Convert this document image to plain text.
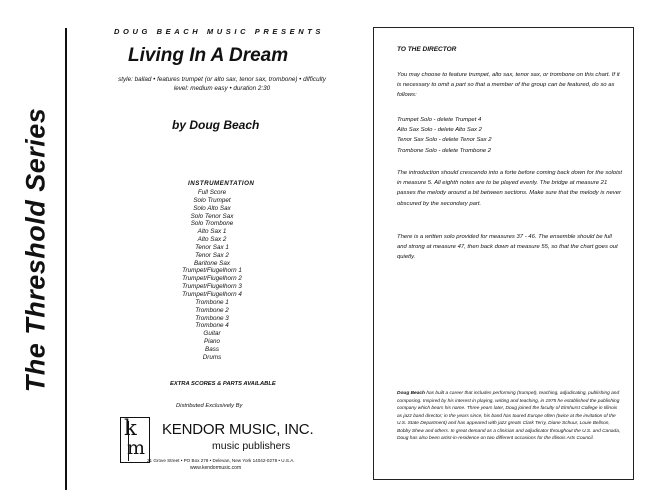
The Threshold Series
DOUG BEACH MUSIC PRESENTS
Living In A Dream
style: ballad • features trumpet (or alto sax, tenor sax, trombone) • difficulty level: medium easy • duration 2:30
by Doug Beach
INSTRUMENTATION
Full Score
Solo Trumpet
Solo Alto Sax
Solo Tenor Sax
Solo Trombone
Alto Sax 1
Alto Sax 2
Tenor Sax 1
Tenor Sax 2
Baritone Sax
Trumpet/Flugelhorn 1
Trumpet/Flugelhorn 2
Trumpet/Flugelhorn 3
Trumpet/Flugelhorn 4
Trombone 1
Trombone 2
Trombone 3
Trombone 4
Guitar
Piano
Bass
Drums
EXTRA SCORES & PARTS AVAILABLE
Distributed Exclusively By
k
m
KENDOR MUSIC, INC.
music publishers
21 Grove Street • PO Box 278 • Delevan, New York 14042-0278 • U.S.A.
www.kendormusic.com
TO THE DIRECTOR

You may choose to feature trumpet, alto sax, tenor sax, or trombone on this chart. If it is necessary to omit a part so that a member of the group can be featured, do so as follows:

Trumpet Solo - delete Trumpet 4
Alto Sax Solo - delete Alto Sax 2
Tenor Sax Solo - delete Tenor Sax 2
Trombone Solo - delete Trombone 2

The introduction should crescendo into a forte before coming back down for the soloist in measure 5. All eighth notes are to be played evenly. The bridge at measure 21 passes the melody around a bit between sections. Make sure that the melody is never obscured by the secondary part.

There is a written solo provided for measures 37 - 46. The ensemble should be full and strong at measure 47, then back down at measure 55, so that the chart goes out quietly.

Doug Beach has built a career that includes performing (trumpet), teaching, adjudicating, publishing and composing. Inspired by his interest in playing, writing and teaching, in 1975 he established the publishing company which bears his name. Three years later, Doug joined the faculty of Elmhurst College in Illinois as jazz band director; in the years since, his band has toured Europe often (twice at the invitation of the U.S. State Department) and has appeared with jazz greats Clark Terry, Diane Schuur, Louie Bellson, Bobby Shew and others. In great demand as a clinician and adjudicator throughout the U.S. and Canada, Doug has also been artist-in-residence on two different occasions for the Illinois Arts Council.
